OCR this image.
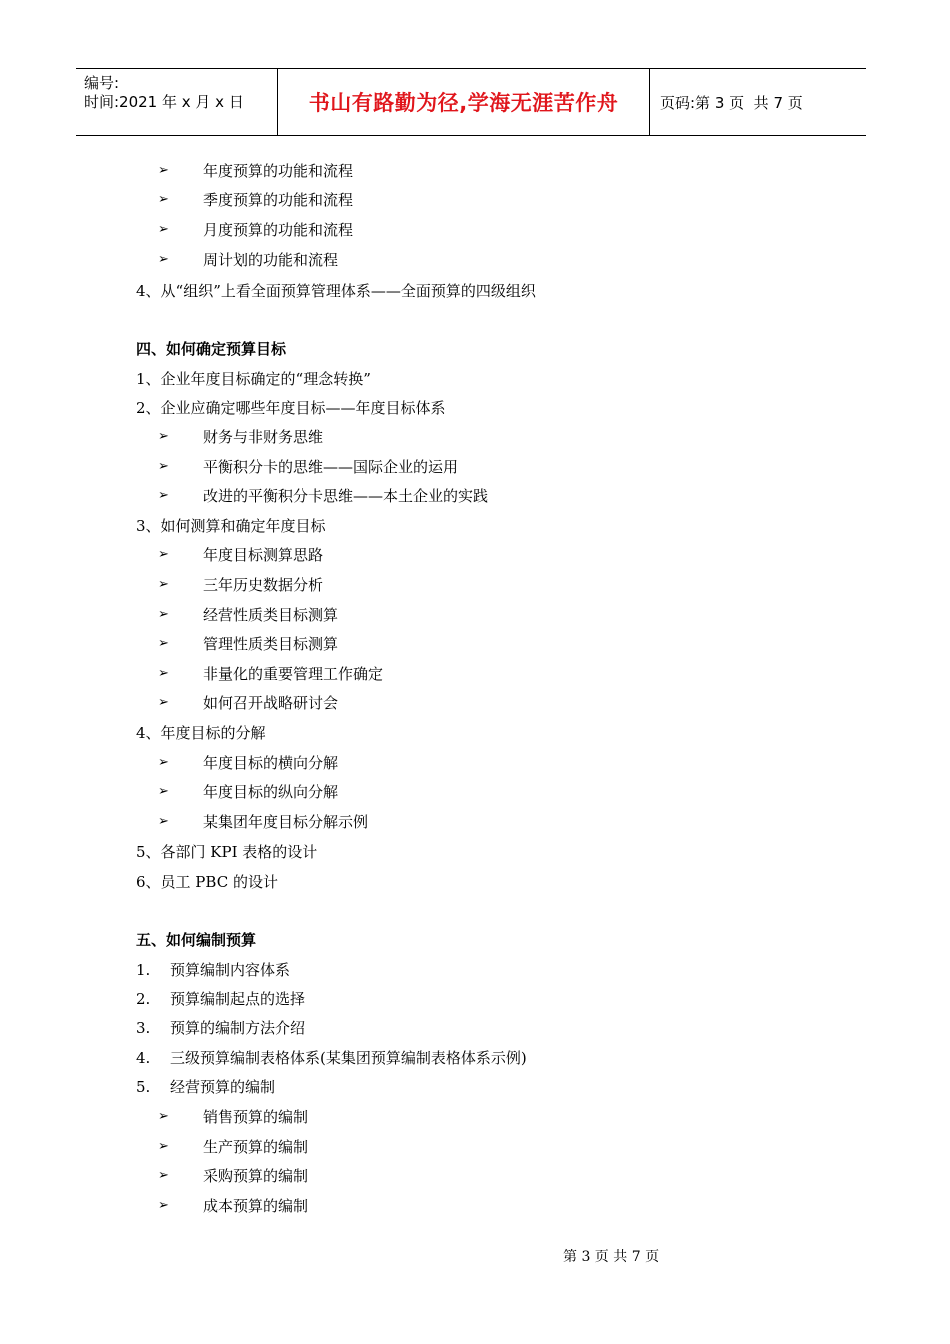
编号:
时间:2021 年 x 月 x 日	书山有路勤为径,学海无涯苦作舟	页码:第 3 页  共 7 页
➢ 年度预算的功能和流程
➢ 季度预算的功能和流程
➢ 月度预算的功能和流程
➢ 周计划的功能和流程
4、从“组织”上看全面预算管理体系——全面预算的四级组织
四、如何确定预算目标
1、企业年度目标确定的“理念转换”
2、企业应确定哪些年度目标——年度目标体系
➢ 财务与非财务思维
➢ 平衡积分卡的思维——国际企业的运用
➢ 改进的平衡积分卡思维——本土企业的实践
3、如何测算和确定年度目标
➢ 年度目标测算思路
➢ 三年历史数据分析
➢ 经营性质类目标测算
➢ 管理性质类目标测算
➢ 非量化的重要管理工作确定
➢ 如何召开战略研讨会
4、年度目标的分解
➢ 年度目标的横向分解
➢ 年度目标的纵向分解
➢ 某集团年度目标分解示例
5、各部门 KPI 表格的设计
6、员工 PBC 的设计
五、如何编制预算
1. 预算编制内容体系
2. 预算编制起点的选择
3. 预算的编制方法介绍
4. 三级预算编制表格体系(某集团预算编制表格体系示例)
5. 经营预算的编制
➢ 销售预算的编制
➢ 生产预算的编制
➢ 采购预算的编制
➢ 成本预算的编制
第 3 页 共 7 页
